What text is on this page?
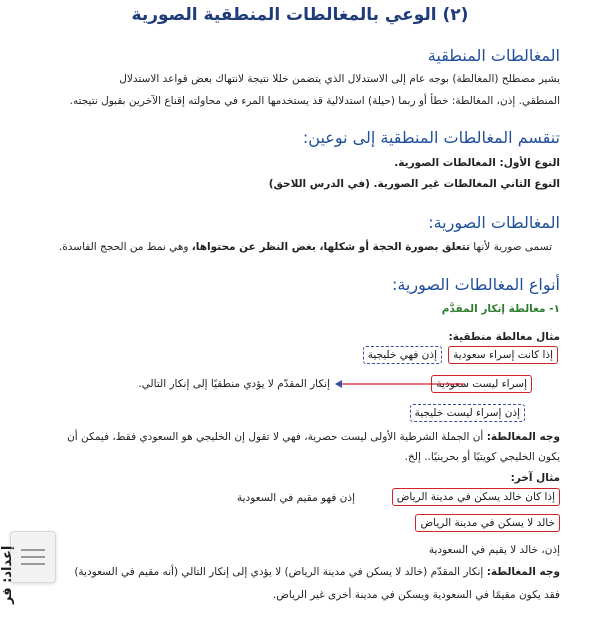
(٢) الوعي بالمغالطات المنطقية الصورية
المغالطات المنطقية
يشير مصطلح (المغالطة) بوجه عام إلى الاستدلال الذي يتضمن خللا نتيجة لانتهاك بعض قواعد الاستدلال
المنطقي. إذن، المغالطة: خطأ أو ربما (حيلة) استدلالية قد يستخدمها المرء في محاولته إقناع الآخرين بقبول نتيجته.
تنقسم المغالطات المنطقية إلى نوعين:
النوع الأول: المغالطات الصورية.
النوع الثاني المغالطات غير الصورية. (في الدرس اللاحق)
المغالطات الصورية:
تسمى صورية لأنها تتعلق بصورة الحجة أو شكلها، بغض النظر عن محتواها، وهي نمط من الحجج الفاسدة.
أنواع المغالطات الصورية:
١- مغالطة إنكار المقدَّم
مثال مغالطة منطقية:
إذا كانت إسراء سعودية
إذن فهي خليجية
إسراء ليست سعودية
إنكار المقدّم لا يؤدي منطقيًا إلى إنكار التالي.
إذن إسراء ليست خليجية
وجه المغالطة: أن الجملة الشرطية الأولى ليست حصرية، فهي لا تقول إن الخليجي هو السعودي فقط، فيمكن أن
يكون الخليجي كويتيًا أو بحرينيًا.. إلخ.
مثال آخر:
إذا كان خالد يسكن في مدينة الرياض
إذن فهو مقيم في السعودية
خالد لا يسكن في مدينة الرياض
إذن، خالد لا يقيم في السعودية
وجه المغالطة: إنكار المقدّم (خالد لا يسكن في مدينة الرياض) لا يؤدي إلى إنكار التالي (أنه مقيم في السعودية)
فقد يكون مقيمًا في السعودية ويسكن في مدينة أخرى غير الرياض.
إعداد: فر
